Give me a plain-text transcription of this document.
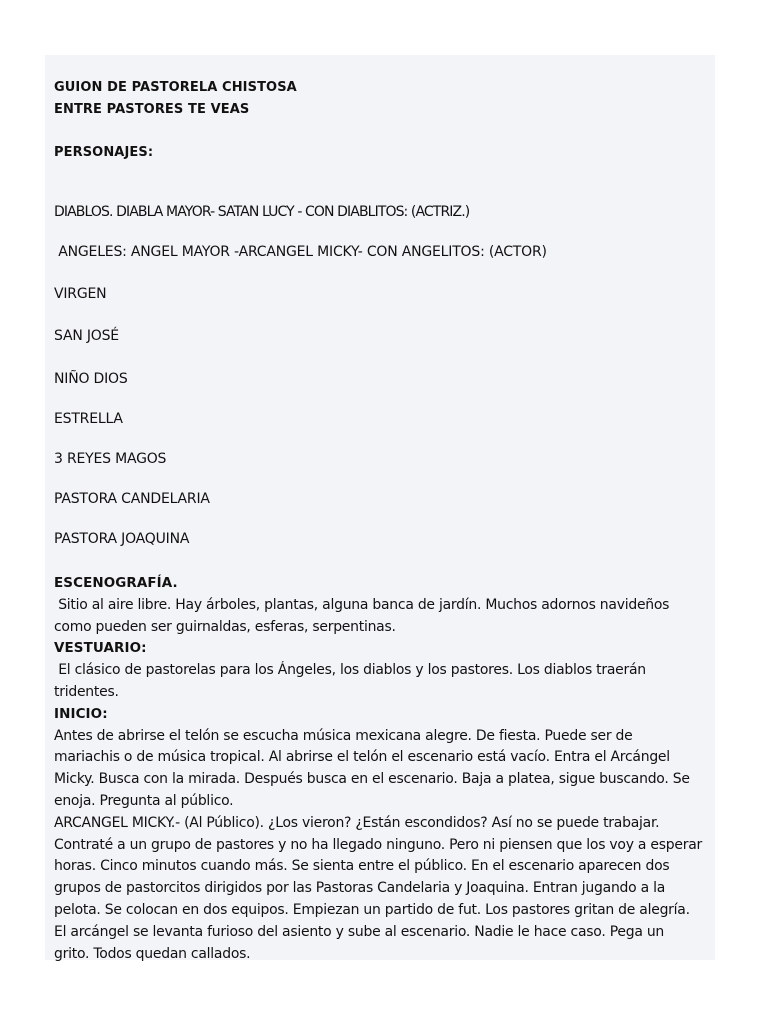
GUION DE PASTORELA CHISTOSA
ENTRE PASTORES TE VEAS
PERSONAJES:
DIABLOS. DIABLA MAYOR- SATAN LUCY - CON DIABLITOS: (ACTRIZ.)
ANGELES: ANGEL MAYOR -ARCANGEL MICKY- CON ANGELITOS: (ACTOR)
VIRGEN
SAN JOSÉ
NIÑO DIOS
ESTRELLA
3 REYES MAGOS
PASTORA CANDELARIA
PASTORA JOAQUINA
ESCENOGRAFÍA.
Sitio al aire libre. Hay árboles, plantas, alguna banca de jardín. Muchos adornos navideños
como pueden ser guirnaldas, esferas, serpentinas.
VESTUARIO:
El clásico de pastorelas para los Ángeles, los diablos y los pastores. Los diablos traerán
tridentes.
INICIO:
Antes de abrirse el telón se escucha música mexicana alegre. De fiesta. Puede ser de
mariachis o de música tropical. Al abrirse el telón el escenario está vacío. Entra el Arcángel
Micky. Busca con la mirada. Después busca en el escenario. Baja a platea, sigue buscando. Se
enoja. Pregunta al público.
ARCANGEL MICKY.- (Al Público). ¿Los vieron? ¿Están escondidos? Así no se puede trabajar.
Contraté a un grupo de pastores y no ha llegado ninguno. Pero ni piensen que los voy a esperar
horas. Cinco minutos cuando más. Se sienta entre el público. En el escenario aparecen dos
grupos de pastorcitos dirigidos por las Pastoras Candelaria y Joaquina. Entran jugando a la
pelota. Se colocan en dos equipos. Empiezan un partido de fut. Los pastores gritan de alegría.
El arcángel se levanta furioso del asiento y sube al escenario. Nadie le hace caso. Pega un
grito. Todos quedan callados.
